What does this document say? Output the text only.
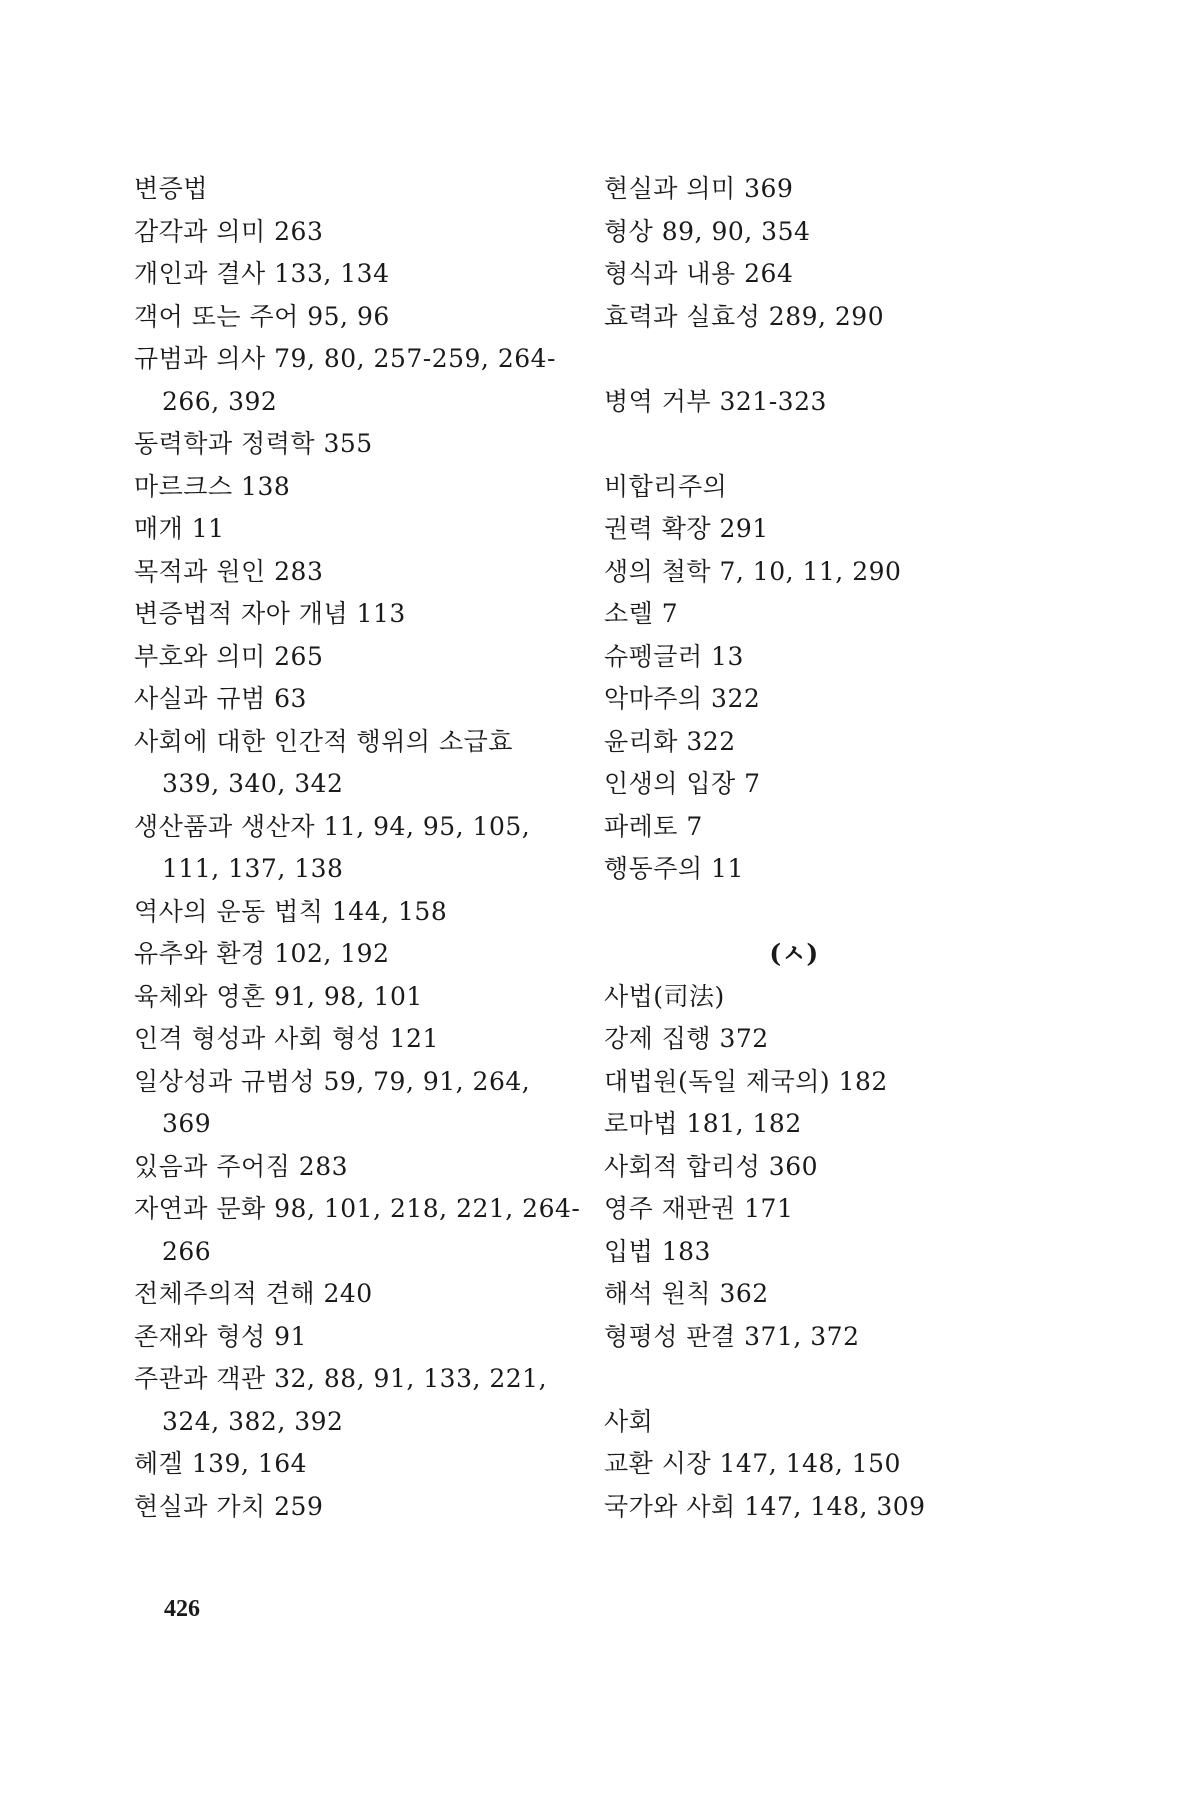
변증법
감각과 의미 263
개인과 결사 133, 134
객어 또는 주어 95, 96
규범과 의사 79, 80, 257-259, 264-
266, 392
동력학과 정력학 355
마르크스 138
매개 11
목적과 원인 283
변증법적 자아 개념 113
부호와 의미 265
사실과 규범 63
사회에 대한 인간적 행위의 소급효
339, 340, 342
생산품과 생산자 11, 94, 95, 105,
111, 137, 138
역사의 운동 법칙 144, 158
유추와 환경 102, 192
육체와 영혼 91, 98, 101
인격 형성과 사회 형성 121
일상성과 규범성 59, 79, 91, 264,
369
있음과 주어짐 283
자연과 문화 98, 101, 218, 221, 264-
266
전체주의적 견해 240
존재와 형성 91
주관과 객관 32, 88, 91, 133, 221,
324, 382, 392
헤겔 139, 164
현실과 가치 259
현실과 의미 369
형상 89, 90, 354
형식과 내용 264
효력과 실효성 289, 290
병역 거부 321-323
비합리주의
권력 확장 291
생의 철학 7, 10, 11, 290
소렐 7
슈펭글러 13
악마주의 322
윤리화 322
인생의 입장 7
파레토 7
행동주의 11
(ㅅ)
사법(司法)
강제 집행 372
대법원(독일 제국의) 182
로마법 181, 182
사회적 합리성 360
영주 재판권 171
입법 183
해석 원칙 362
형평성 판결 371, 372
사회
교환 시장 147, 148, 150
국가와 사회 147, 148, 309
426
